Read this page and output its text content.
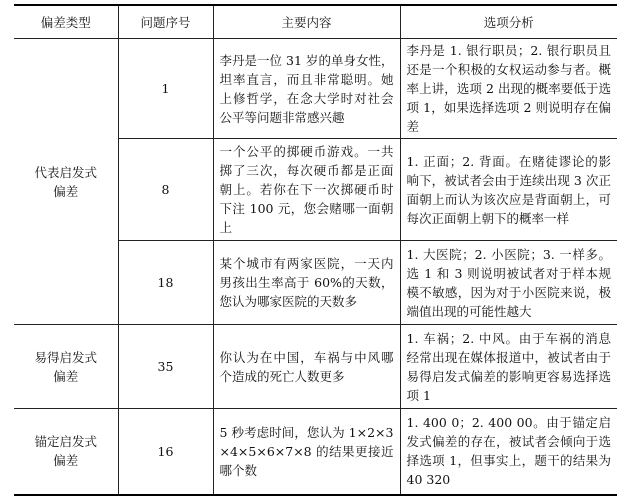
偏差类型	问题序号	主要内容	选项分析
代表启发式
偏差	1	李丹是一位 31 岁的单身女性，坦率直言，而且非常聪明。她上修哲学，在念大学时对社会公平等问题非常感兴趣	李丹是 1. 银行职员；2. 银行职员且还是一个积极的女权运动参与者。概率上讲，选项 2 出现的概率要低于选项 1，如果选择选项 2 则说明存在偏差
	8	一个公平的掷硬币游戏。一共掷了三次，每次硬币都是正面朝上。若你在下一次掷硬币时下注 100 元，您会赌哪一面朝上	1. 正面；2. 背面。在赌徒谬论的影响下，被试者会由于连续出现 3 次正面朝上而认为该次应是背面朝上，可每次正面朝上朝下的概率一样
	18	某个城市有两家医院，一天内男孩出生率高于 60%的天数，您认为哪家医院的天数多	1. 大医院；2. 小医院；3. 一样多。选 1 和 3 则说明被试者对于样本规模不敏感，因为对于小医院来说，极端值出现的可能性越大
易得启发式
偏差	35	你认为在中国，车祸与中风哪个造成的死亡人数更多	1. 车祸；2. 中风。由于车祸的消息经常出现在媒体报道中，被试者由于易得启发式偏差的影响更容易选择选项 1
锚定启发式
偏差	16	5 秒考虑时间，您认为 1×2×3×4×5×6×7×8 的结果更接近哪个数	1. 400 0；2. 400 00。由于锚定启发式偏差的存在，被试者会倾向于选择选项 1，但事实上，题干的结果为 40 320
